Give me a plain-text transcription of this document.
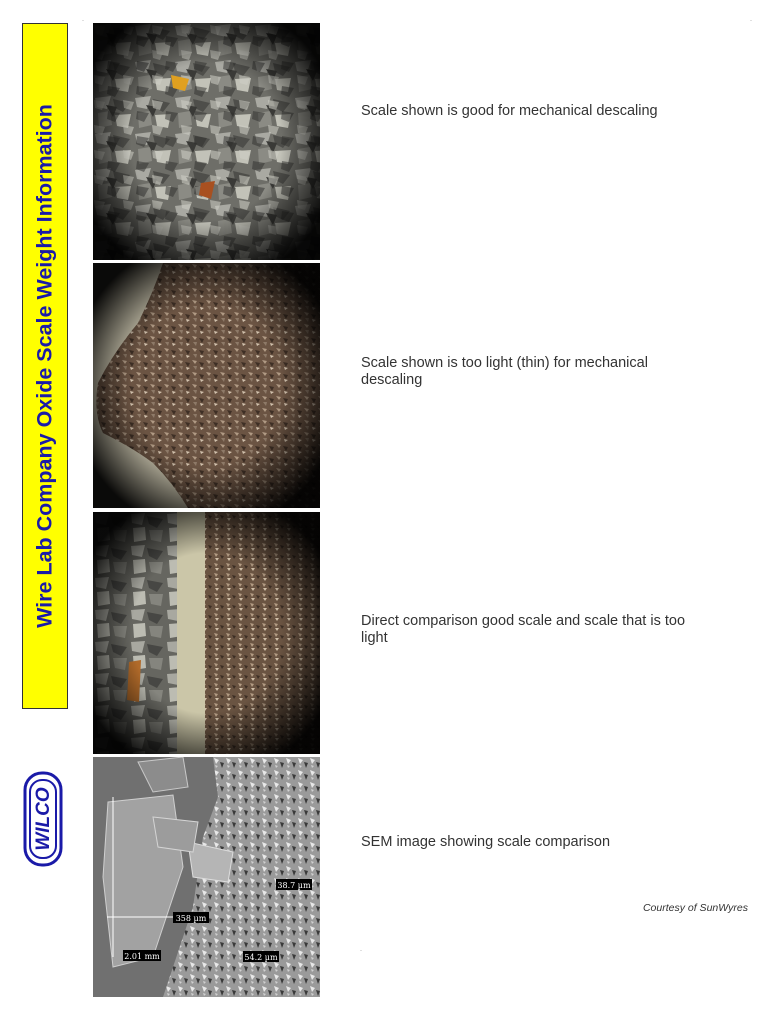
Wire Lab Company Oxide Scale Weight Information
WILCO
38.7 µm
358 µm
2.01 mm	54.2 µm
Scale shown is good for mechanical descaling
Scale shown is too light (thin) for mechanical descaling
Direct comparison good scale and scale that is too light
SEM image showing scale comparison
Courtesy of SunWyres
·	·
·
